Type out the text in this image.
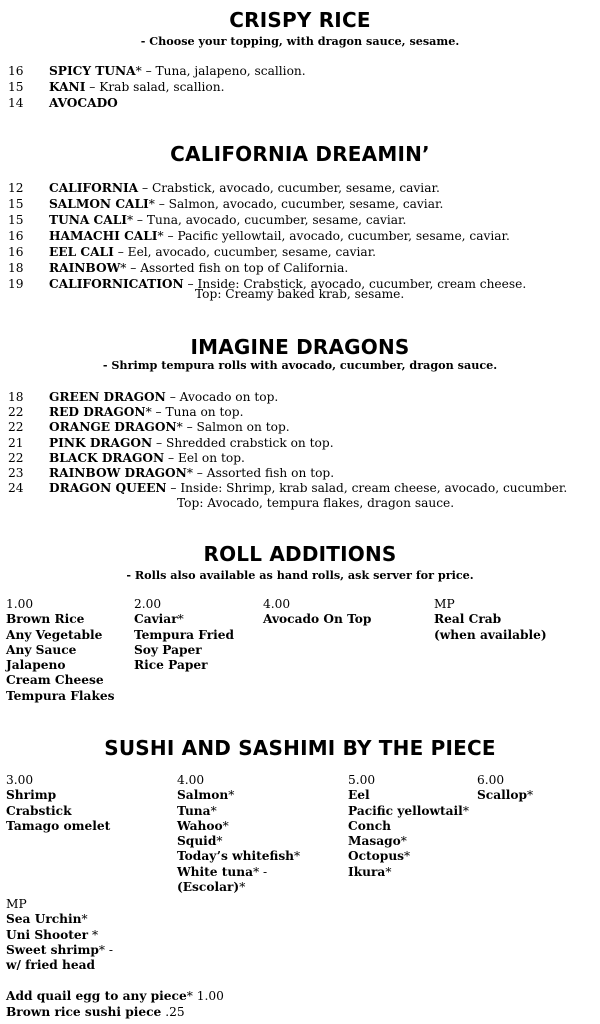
CRISPY RICE
- Choose your topping, with dragon sauce, sesame.
16 SPICY TUNA* – Tuna, jalapeno, scallion.
15 KANI – Krab salad, scallion.
14 AVOCADO
CALIFORNIA DREAMIN’
12 CALIFORNIA – Crabstick, avocado, cucumber, sesame, caviar.
15 SALMON CALI* – Salmon, avocado, cucumber, sesame, caviar.
15 TUNA CALI* – Tuna, avocado, cucumber, sesame, caviar.
16 HAMACHI CALI* – Pacific yellowtail, avocado, cucumber, sesame, caviar.
16 EEL CALI – Eel, avocado, cucumber, sesame, caviar.
18 RAINBOW* – Assorted fish on top of California.
19 CALIFORNICATION – Inside: Crabstick, avocado, cucumber, cream cheese.
Top: Creamy baked krab, sesame.
IMAGINE DRAGONS
- Shrimp tempura rolls with avocado, cucumber, dragon sauce.
18 GREEN DRAGON – Avocado on top.
22 RED DRAGON* – Tuna on top.
22 ORANGE DRAGON* – Salmon on top.
21 PINK DRAGON – Shredded crabstick on top.
22 BLACK DRAGON – Eel on top.
23 RAINBOW DRAGON* – Assorted fish on top.
24 DRAGON QUEEN – Inside: Shrimp, krab salad, cream cheese, avocado, cucumber.
Top: Avocado, tempura flakes, dragon sauce.
ROLL ADDITIONS
- Rolls also available as hand rolls, ask server for price.
1.00
Brown Rice
Any Vegetable
Any Sauce
Jalapeno
Cream Cheese
Tempura Flakes
2.00
Caviar*
Tempura Fried
Soy Paper
Rice Paper
4.00
Avocado On Top
MP
Real Crab
(when available)
SUSHI AND SASHIMI BY THE PIECE
3.00
Shrimp
Crabstick
Tamago omelet
4.00
Salmon*
Tuna*
Wahoo*
Squid*
Today’s whitefish*
White tuna* -
(Escolar)*
5.00
Eel
Pacific yellowtail*
Conch
Masago*
Octopus*
Ikura*
6.00
Scallop*
MP
Sea Urchin*
Uni Shooter *
Sweet shrimp* -
w/ fried head
Add quail egg to any piece* 1.00
Brown rice sushi piece .25
